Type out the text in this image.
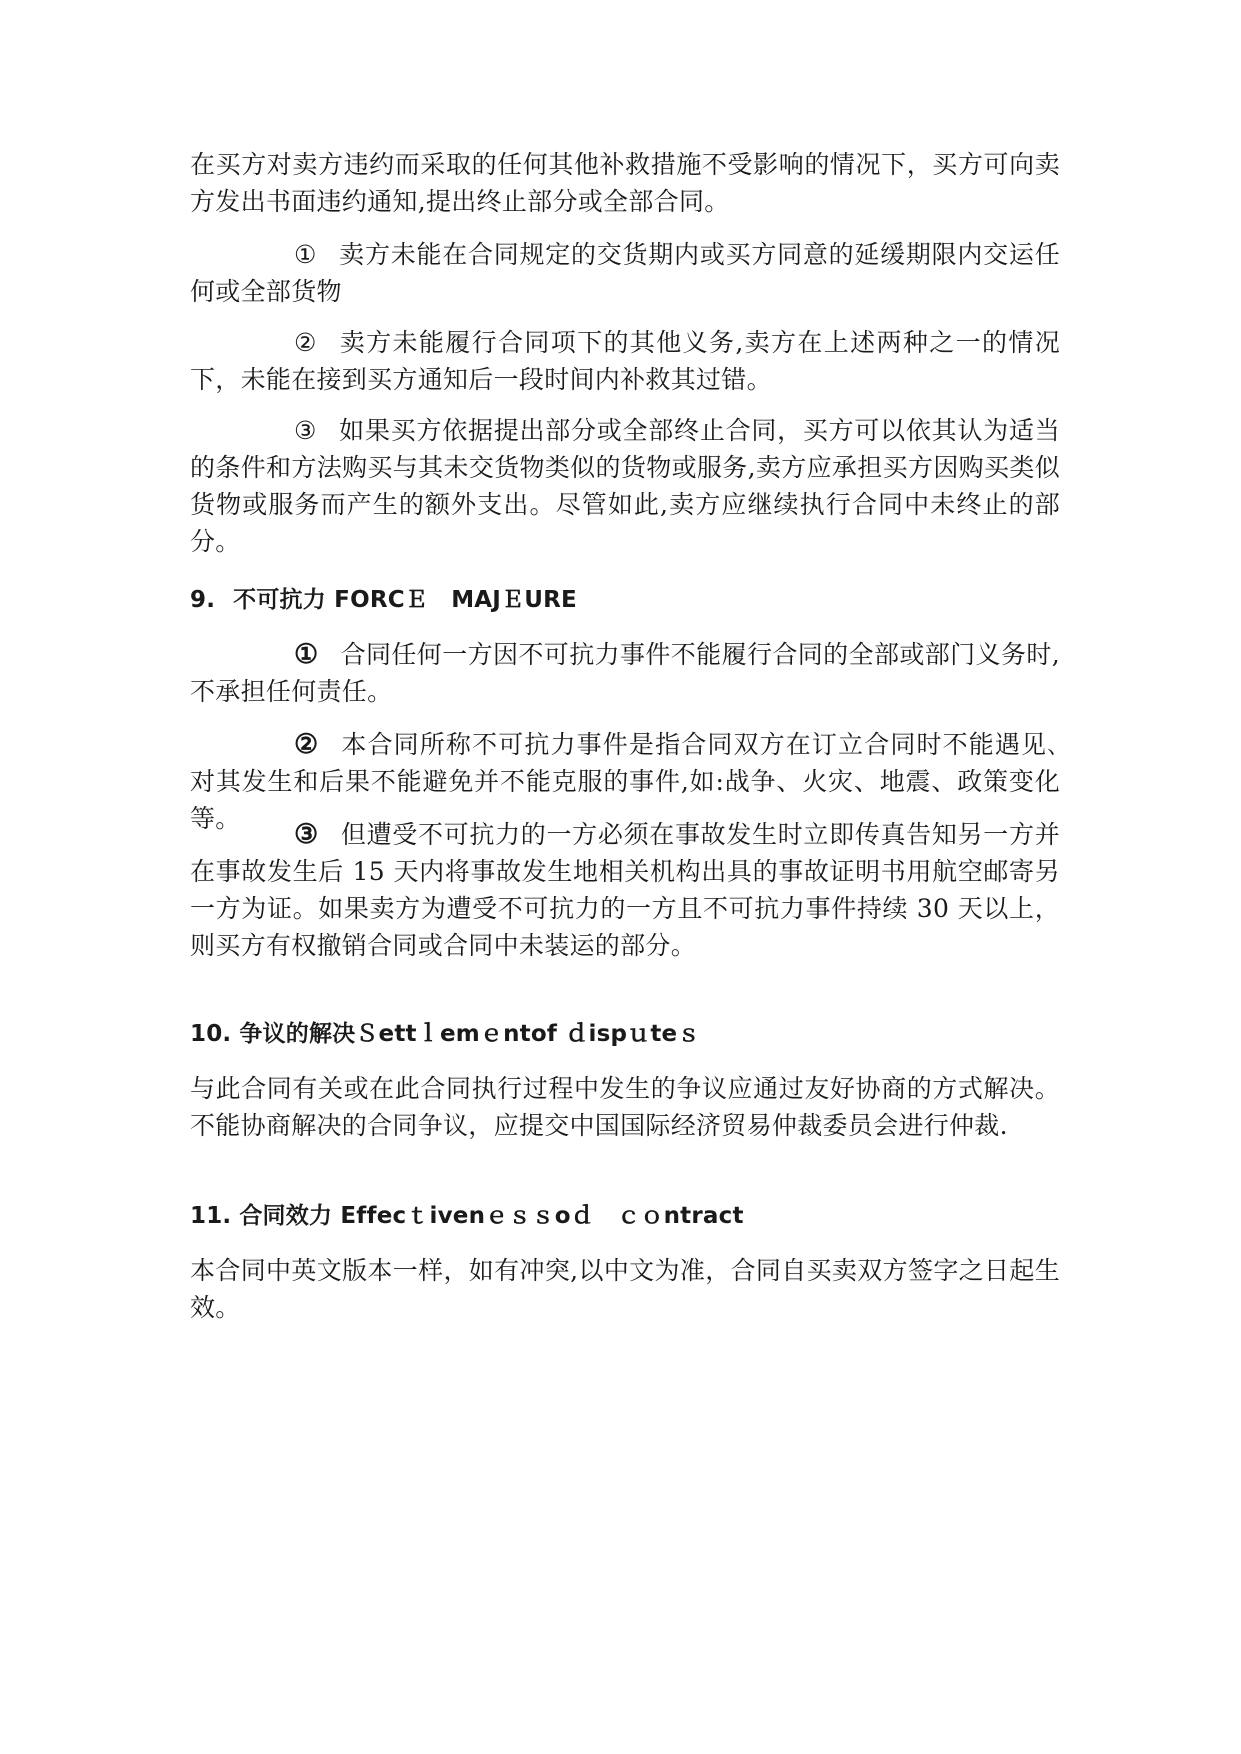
在买方对卖方违约而采取的任何其他补救措施不受影响的情况下，买方可向卖方发出书面违约通知,提出终止部分或全部合同。

① 卖方未能在合同规定的交货期内或买方同意的延缓期限内交运任何或全部货物

② 卖方未能履行合同项下的其他义务,卖方在上述两种之一的情况下，未能在接到买方通知后一段时间内补救其过错。

③ 如果买方依据提出部分或全部终止合同，买方可以依其认为适当的条件和方法购买与其未交货物类似的货物或服务,卖方应承担买方因购买类似货物或服务而产生的额外支出。尽管如此,卖方应继续执行合同中未终止的部分。

9. 不可抗力 FORCＥ　MAJＥURE

① 合同任何一方因不可抗力事件不能履行合同的全部或部门义务时,不承担任何责任。

② 本合同所称不可抗力事件是指合同双方在订立合同时不能遇见､对其发生和后果不能避免并不能克服的事件,如:战争、火灾、地震、政策变化等。

③ 但遭受不可抗力的一方必须在事故发生时立即传真告知另一方并在事故发生后 15 天内将事故发生地相关机构出具的事故证明书用航空邮寄另一方为证。如果卖方为遭受不可抗力的一方且不可抗力事件持续 30 天以上，则买方有权撤销合同或合同中未装运的部分。

10. 争议的解决Ｓettｌemｅntof ｄispｕteｓ

与此合同有关或在此合同执行过程中发生的争议应通过友好协商的方式解决。不能协商解决的合同争议，应提交中国国际经济贸易仲裁委员会进行仲裁.

11. 合同效力 Effecｔivenｅｓｓoｄ　ｃｏntract

本合同中英文版本一样，如有冲突,以中文为准，合同自买卖双方签字之日起生效。
